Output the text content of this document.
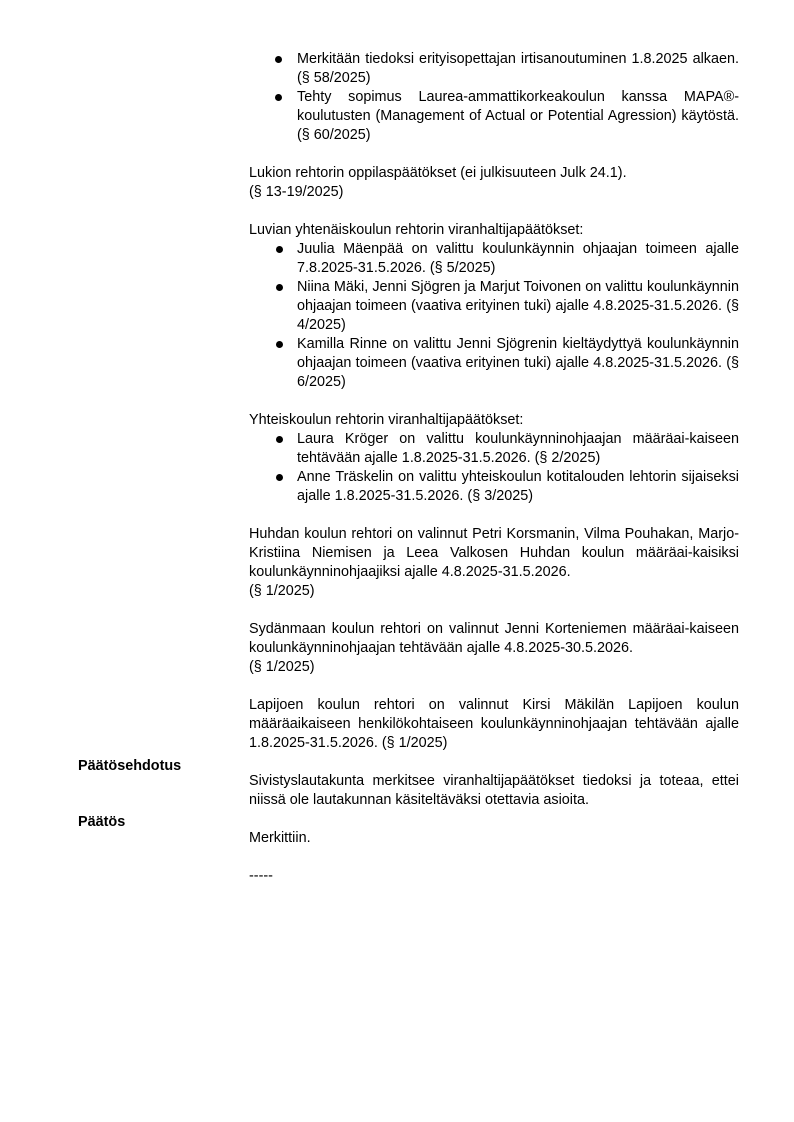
Merkitään tiedoksi erityisopettajan irtisanoutuminen 1.8.2025 alkaen. (§ 58/2025)
Tehty sopimus Laurea-ammattikorkeakoulun kanssa MAPA®-koulutusten (Management of Actual or Potential Agression) käytöstä. (§ 60/2025)

Lukion rehtorin oppilaspäätökset (ei julkisuuteen Julk 24.1).
(§ 13-19/2025)

Luvian yhtenäiskoulun rehtorin viranhaltijapäätökset:

Juulia Mäenpää on valittu koulunkäynnin ohjaajan toimeen ajalle 7.8.2025-31.5.2026. (§ 5/2025)
Niina Mäki, Jenni Sjögren ja Marjut Toivonen on valittu koulunkäynnin ohjaajan toimeen (vaativa erityinen tuki) ajalle 4.8.2025-31.5.2026. (§ 4/2025)
Kamilla Rinne on valittu Jenni Sjögrenin kieltäydyttyä koulunkäynnin ohjaajan toimeen (vaativa erityinen tuki) ajalle 4.8.2025-31.5.2026. (§ 6/2025)

Yhteiskoulun rehtorin viranhaltijapäätökset:

Laura Kröger on valittu koulunkäynninohjaajan määräai-kaiseen tehtävään ajalle 1.8.2025-31.5.2026. (§ 2/2025)
Anne Träskelin on valittu yhteiskoulun kotitalouden lehtorin sijaiseksi ajalle 1.8.2025-31.5.2026. (§ 3/2025)

Huhdan koulun rehtori on valinnut Petri Korsmanin, Vilma Pouhakan, Marjo-Kristiina Niemisen ja Leea Valkosen Huhdan koulun määräai-kaisiksi koulunkäynninohjaajiksi ajalle 4.8.2025-31.5.2026.
(§ 1/2025)

Sydänmaan koulun rehtori on valinnut Jenni Korteniemen määräai-kaiseen koulunkäynninohjaajan tehtävään ajalle 4.8.2025-30.5.2026.
(§ 1/2025)

Lapijoen koulun rehtori on valinnut Kirsi Mäkilän Lapijoen koulun määräaikaiseen henkilökohtaiseen koulunkäynninohjaajan tehtävään ajalle 1.8.2025-31.5.2026. (§ 1/2025)

Sivistyslautakunta merkitsee viranhaltijapäätökset tiedoksi ja toteaa, ettei niissä ole lautakunnan käsiteltäväksi otettavia asioita.

Merkittiin.

-----

Päätösehdotus
Päätös
